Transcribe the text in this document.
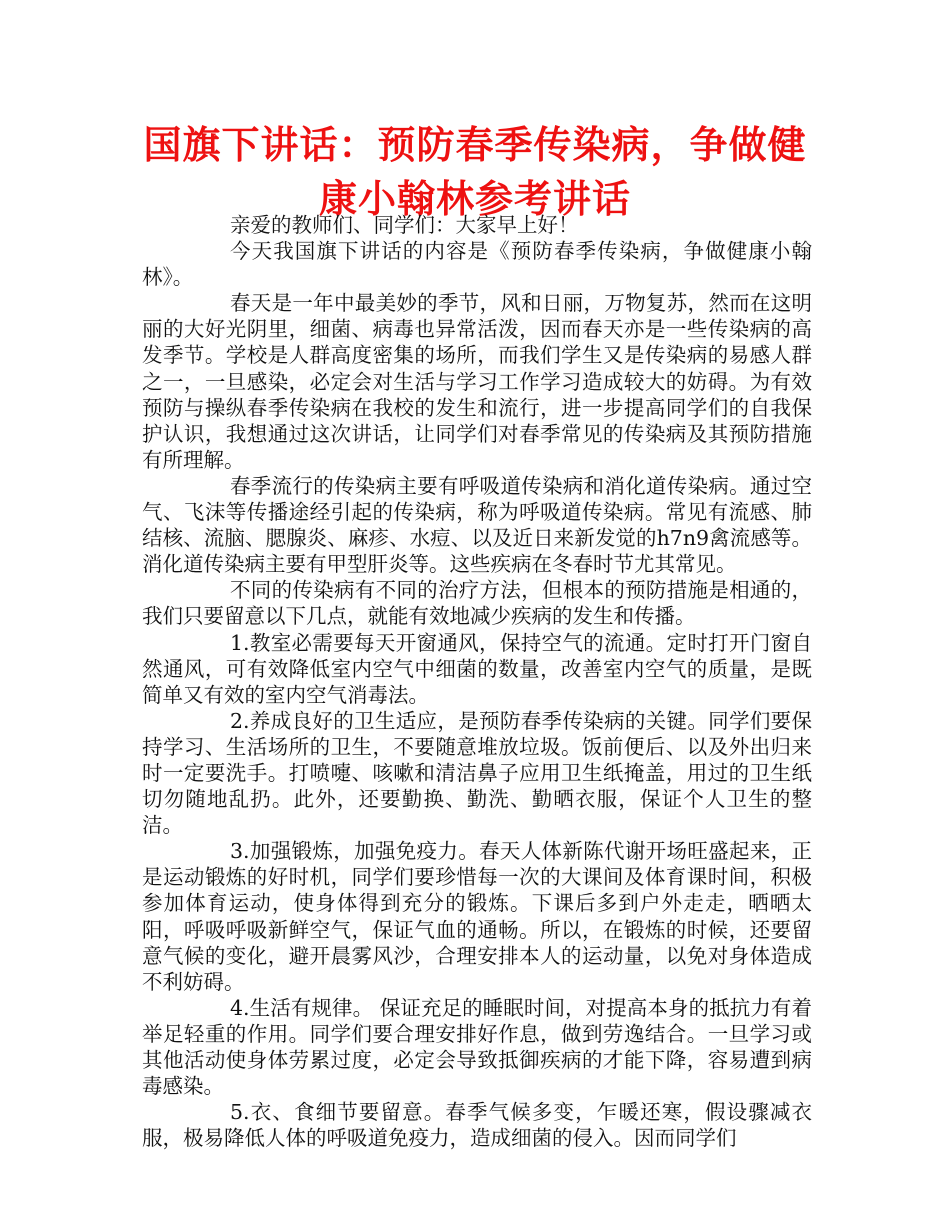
国旗下讲话：预防春季传染病，争做健康小翰林参考讲话

亲爱的教师们、同学们：大家早上好！

今天我国旗下讲话的内容是《预防春季传染病，争做健康小翰林》。

春天是一年中最美妙的季节，风和日丽，万物复苏，然而在这明丽的大好光阴里，细菌、病毒也异常活泼，因而春天亦是一些传染病的高发季节。学校是人群高度密集的场所，而我们学生又是传染病的易感人群之一，一旦感染，必定会对生活与学习工作学习造成较大的妨碍。为有效预防与操纵春季传染病在我校的发生和流行，进一步提高同学们的自我保护认识，我想通过这次讲话，让同学们对春季常见的传染病及其预防措施有所理解。

春季流行的传染病主要有呼吸道传染病和消化道传染病。通过空气、飞沫等传播途经引起的传染病，称为呼吸道传染病。常见有流感、肺结核、流脑、腮腺炎、麻疹、水痘、以及近日来新发觉的h7n9禽流感等。消化道传染病主要有甲型肝炎等。这些疾病在冬春时节尤其常见。

不同的传染病有不同的治疗方法，但根本的预防措施是相通的，我们只要留意以下几点，就能有效地减少疾病的发生和传播。

1.教室必需要每天开窗通风，保持空气的流通。定时打开门窗自然通风，可有效降低室内空气中细菌的数量，改善室内空气的质量，是既简单又有效的室内空气消毒法。

2.养成良好的卫生适应，是预防春季传染病的关键。同学们要保持学习、生活场所的卫生，不要随意堆放垃圾。饭前便后、以及外出归来时一定要洗手。打喷嚏、咳嗽和清洁鼻子应用卫生纸掩盖，用过的卫生纸切勿随地乱扔。此外，还要勤换、勤洗、勤晒衣服，保证个人卫生的整洁。

3.加强锻炼，加强免疫力。春天人体新陈代谢开场旺盛起来，正是运动锻炼的好时机，同学们要珍惜每一次的大课间及体育课时间，积极参加体育运动，使身体得到充分的锻炼。下课后多到户外走走，晒晒太阳，呼吸呼吸新鲜空气，保证气血的通畅。所以，在锻炼的时候，还要留意气候的变化，避开晨雾风沙，合理安排本人的运动量，以免对身体造成不利妨碍。

4.生活有规律。 保证充足的睡眠时间，对提高本身的抵抗力有着举足轻重的作用。同学们要合理安排好作息，做到劳逸结合。一旦学习或其他活动使身体劳累过度，必定会导致抵御疾病的才能下降，容易遭到病毒感染。

5.衣、食细节要留意。春季气候多变，乍暖还寒，假设骤减衣服，极易降低人体的呼吸道免疫力，造成细菌的侵入。因而同学们
